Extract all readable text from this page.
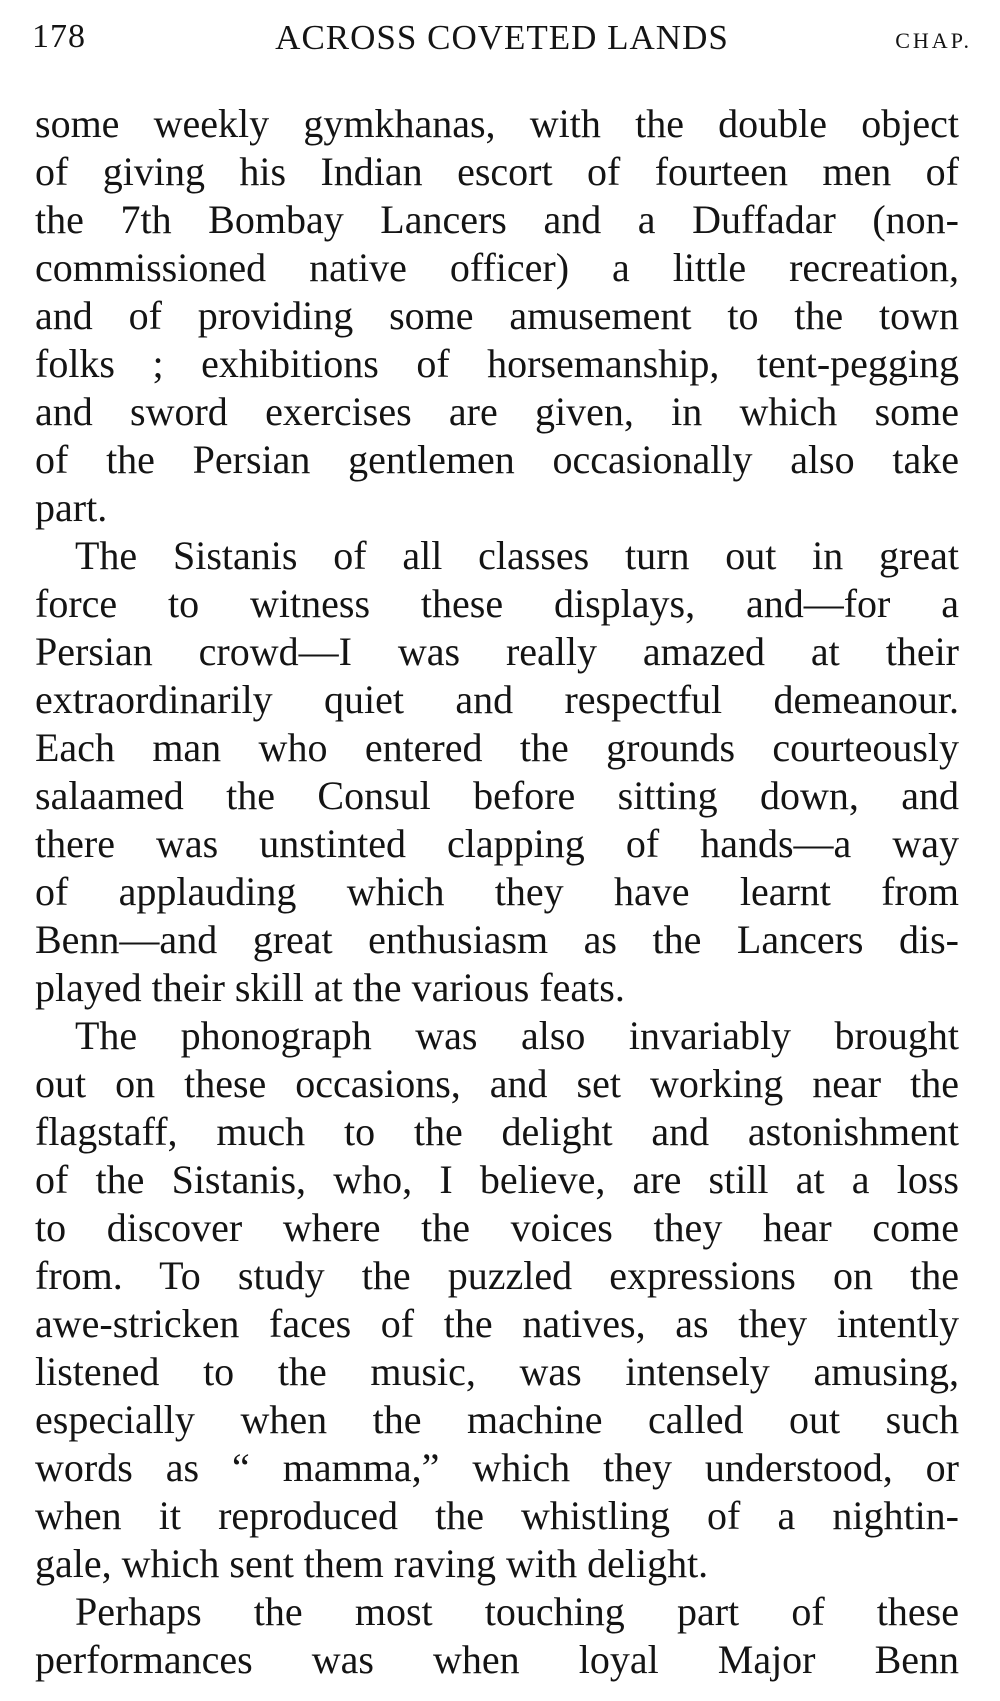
178	ACROSS COVETED LANDS	CHAP.
some weekly gymkhanas, with the double object
of giving his Indian escort of fourteen men of
the 7th Bombay Lancers and a Duffadar (non-
commissioned native officer) a little recreation,
and of providing some amusement to the town
folks ; exhibitions of horsemanship, tent-pegging
and sword exercises are given, in which some
of the Persian gentlemen occasionally also take
part.
The Sistanis of all classes turn out in great
force to witness these displays, and—for a
Persian crowd—I was really amazed at their
extraordinarily quiet and respectful demeanour.
Each man who entered the grounds courteously
salaamed the Consul before sitting down, and
there was unstinted clapping of hands—a way
of applauding which they have learnt from
Benn—and great enthusiasm as the Lancers dis-
played their skill at the various feats.
The phonograph was also invariably brought
out on these occasions, and set working near the
flagstaff, much to the delight and astonishment
of the Sistanis, who, I believe, are still at a loss
to discover where the voices they hear come
from. To study the puzzled expressions on the
awe-stricken faces of the natives, as they intently
listened to the music, was intensely amusing,
especially when the machine called out such
words as “ mamma,” which they understood, or
when it reproduced the whistling of a nightin-
gale, which sent them raving with delight.
Perhaps the most touching part of these
performances was when loyal Major Benn
